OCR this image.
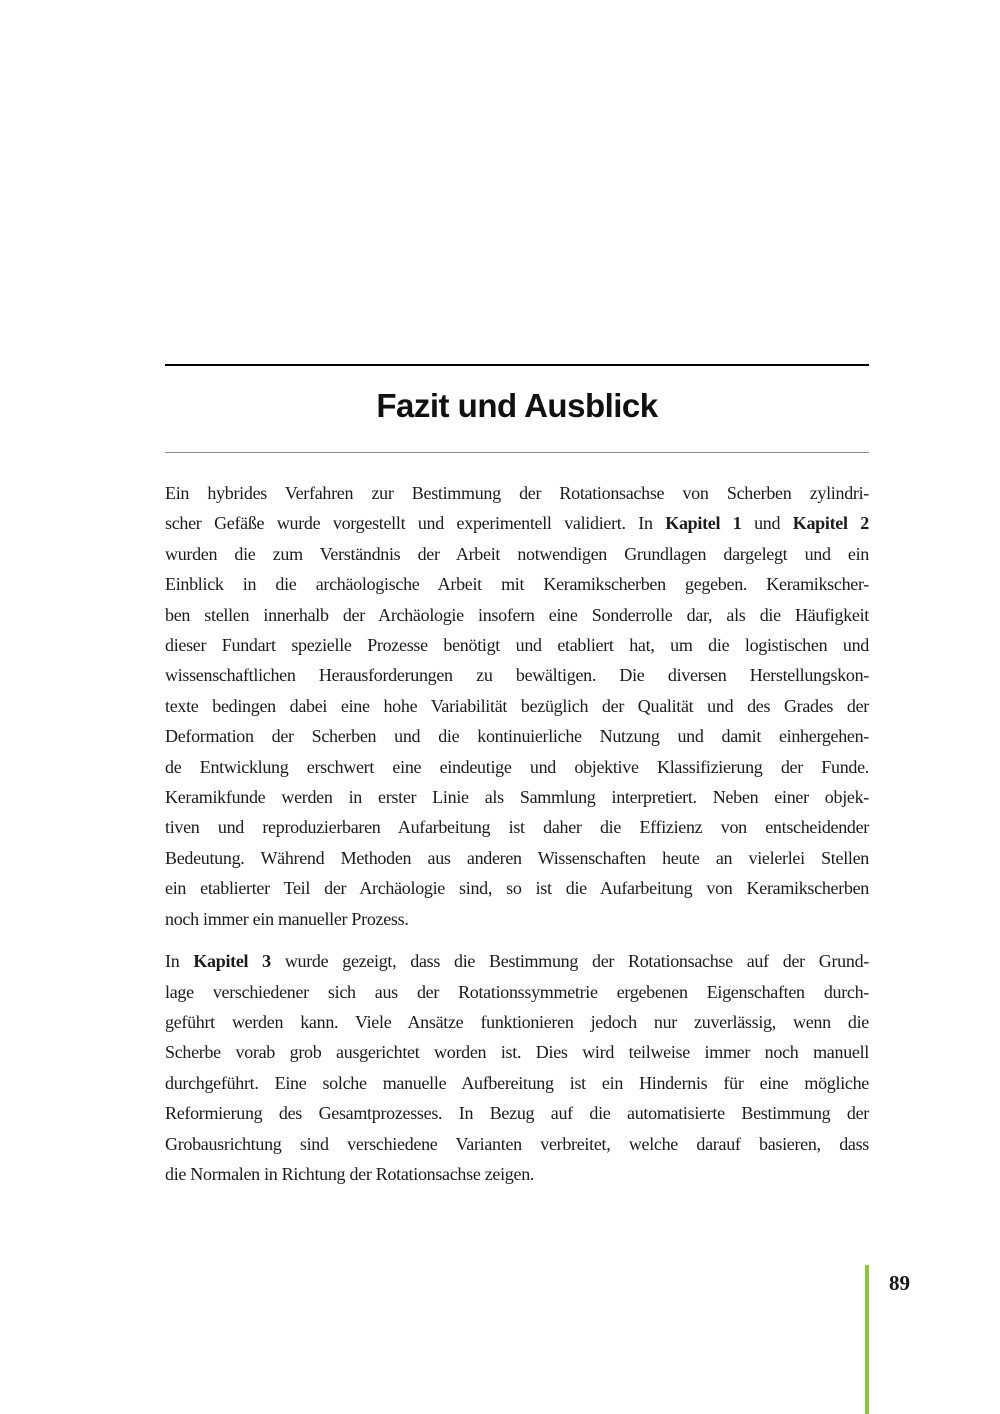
Fazit und Ausblick
Ein hybrides Verfahren zur Bestimmung der Rotationsachse von Scherben zylindri-
scher Gefäße wurde vorgestellt und experimentell validiert. In Kapitel 1 und Kapitel 2
wurden die zum Verständnis der Arbeit notwendigen Grundlagen dargelegt und ein
Einblick in die archäologische Arbeit mit Keramikscherben gegeben. Keramikscher-
ben stellen innerhalb der Archäologie insofern eine Sonderrolle dar, als die Häufigkeit
dieser Fundart spezielle Prozesse benötigt und etabliert hat, um die logistischen und
wissenschaftlichen Herausforderungen zu bewältigen. Die diversen Herstellungskon-
texte bedingen dabei eine hohe Variabilität bezüglich der Qualität und des Grades der
Deformation der Scherben und die kontinuierliche Nutzung und damit einhergehen-
de Entwicklung erschwert eine eindeutige und objektive Klassifizierung der Funde.
Keramikfunde werden in erster Linie als Sammlung interpretiert. Neben einer objek-
tiven und reproduzierbaren Aufarbeitung ist daher die Effizienz von entscheidender
Bedeutung. Während Methoden aus anderen Wissenschaften heute an vielerlei Stellen
ein etablierter Teil der Archäologie sind, so ist die Aufarbeitung von Keramikscherben
noch immer ein manueller Prozess.
In Kapitel 3 wurde gezeigt, dass die Bestimmung der Rotationsachse auf der Grund-
lage verschiedener sich aus der Rotationssymmetrie ergebenen Eigenschaften durch-
geführt werden kann. Viele Ansätze funktionieren jedoch nur zuverlässig, wenn die
Scherbe vorab grob ausgerichtet worden ist. Dies wird teilweise immer noch manuell
durchgeführt. Eine solche manuelle Aufbereitung ist ein Hindernis für eine mögliche
Reformierung des Gesamtprozesses. In Bezug auf die automatisierte Bestimmung der
Grobausrichtung sind verschiedene Varianten verbreitet, welche darauf basieren, dass
die Normalen in Richtung der Rotationsachse zeigen.
89
